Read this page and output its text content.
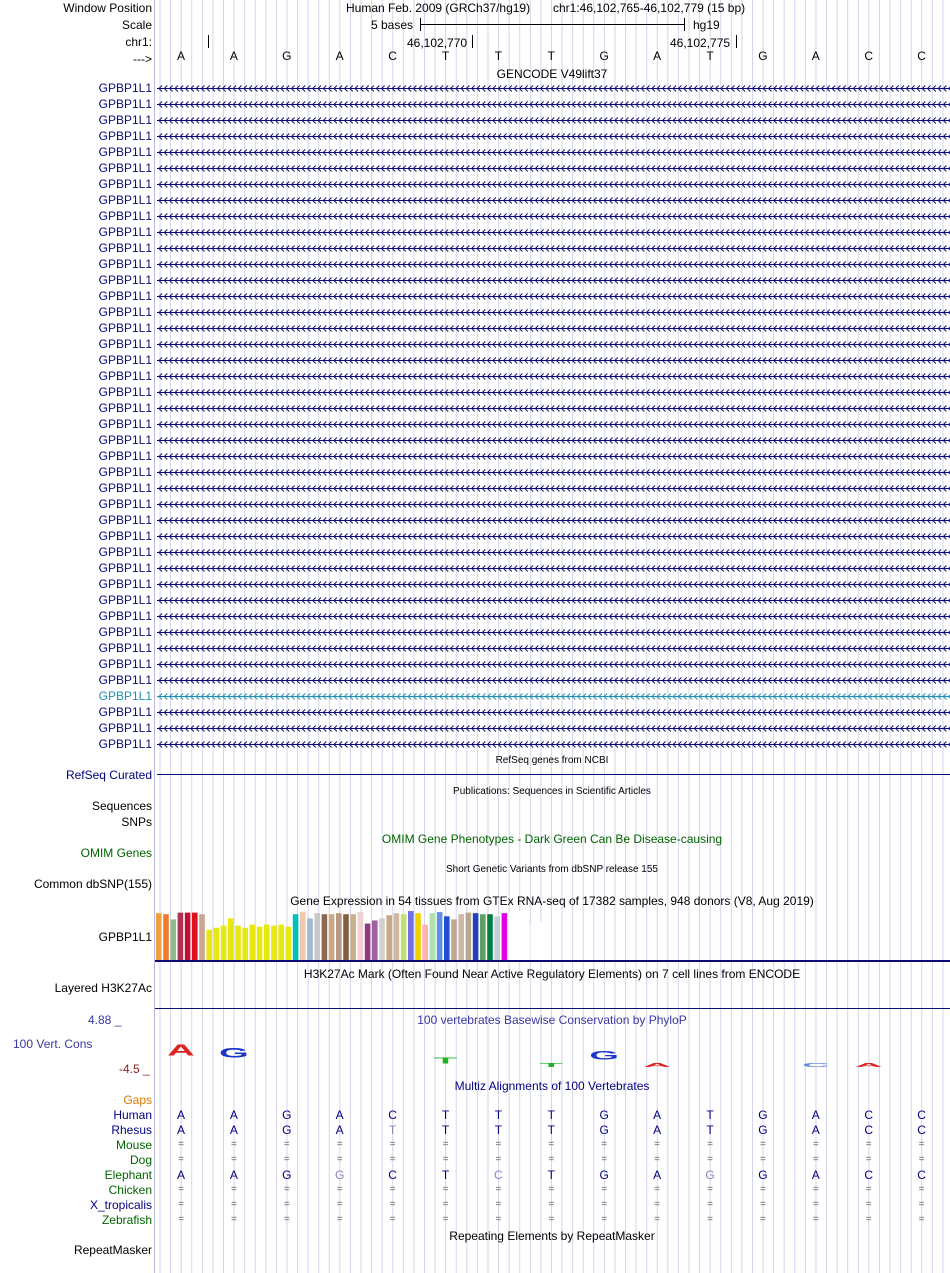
Window Position
Scale
chr1:
--->
Human Feb. 2009 (GRCh37/hg19) chr1:46,102,765-46,102,779 (15 bp)
5 bases	hg19
46,102,770	46,102,775
A	A	G	A	C	T	T	T	G	A	T	G	A	C	C
GENCODE V49lift37
GPBP1L1
GPBP1L1
GPBP1L1
GPBP1L1
GPBP1L1
GPBP1L1
GPBP1L1
GPBP1L1
GPBP1L1
GPBP1L1
GPBP1L1
GPBP1L1
GPBP1L1
GPBP1L1
GPBP1L1
GPBP1L1
GPBP1L1
GPBP1L1
GPBP1L1
GPBP1L1
GPBP1L1
GPBP1L1
GPBP1L1
GPBP1L1
GPBP1L1
GPBP1L1
GPBP1L1
GPBP1L1
GPBP1L1
GPBP1L1
GPBP1L1
GPBP1L1
GPBP1L1
GPBP1L1
GPBP1L1
GPBP1L1
GPBP1L1
GPBP1L1
GPBP1L1
GPBP1L1
GPBP1L1
GPBP1L1
RefSeq genes from NCBI
RefSeq Curated
Publications: Sequences in Scientific Articles
Sequences
SNPs
OMIM Gene Phenotypes - Dark Green Can Be Disease-causing
OMIM Genes
Short Genetic Variants from dbSNP release 155
Common dbSNP(155)
Gene Expression in 54 tissues from GTEx RNA-seq of 17382 samples, 948 donors (V8, Aug 2019)
GPBP1L1
H3K27Ac Mark (Often Found Near Active Regulatory Elements) on 7 cell lines from ENCODE
Layered H3K27Ac
100 vertebrates Basewise Conservation by PhyloP
4.88 _
100 Vert. Cons
-4.5 _
A G	T	T
G
A	C A
Multiz Alignments of 100 Vertebrates
Gaps
Human	A	A	G	A	C	T	T	T	G	A	T	G	A	C	C
Rhesus	A	A	G	A	T	T	T	T	G	A	T	G	A	C	C
Mouse	=	=	=	=	=	=	=	=	=	=	=	=	=	=	=
Dog	=	=	=	=	=	=	=	=	=	=	=	=	=	=	=
Elephant	A	A	G	G	C	T	C	T	G	A	G	G	A	C	C
Chicken	=	=	=	=	=	=	=	=	=	=	=	=	=	=	=
X_tropicalis	=	=	=	=	=	=	=	=	=	=	=	=	=	=	=
Zebrafish	=	=	=	=	=	=	=	=	=	=	=	=	=	=	=
Repeating Elements by RepeatMasker
RepeatMasker
